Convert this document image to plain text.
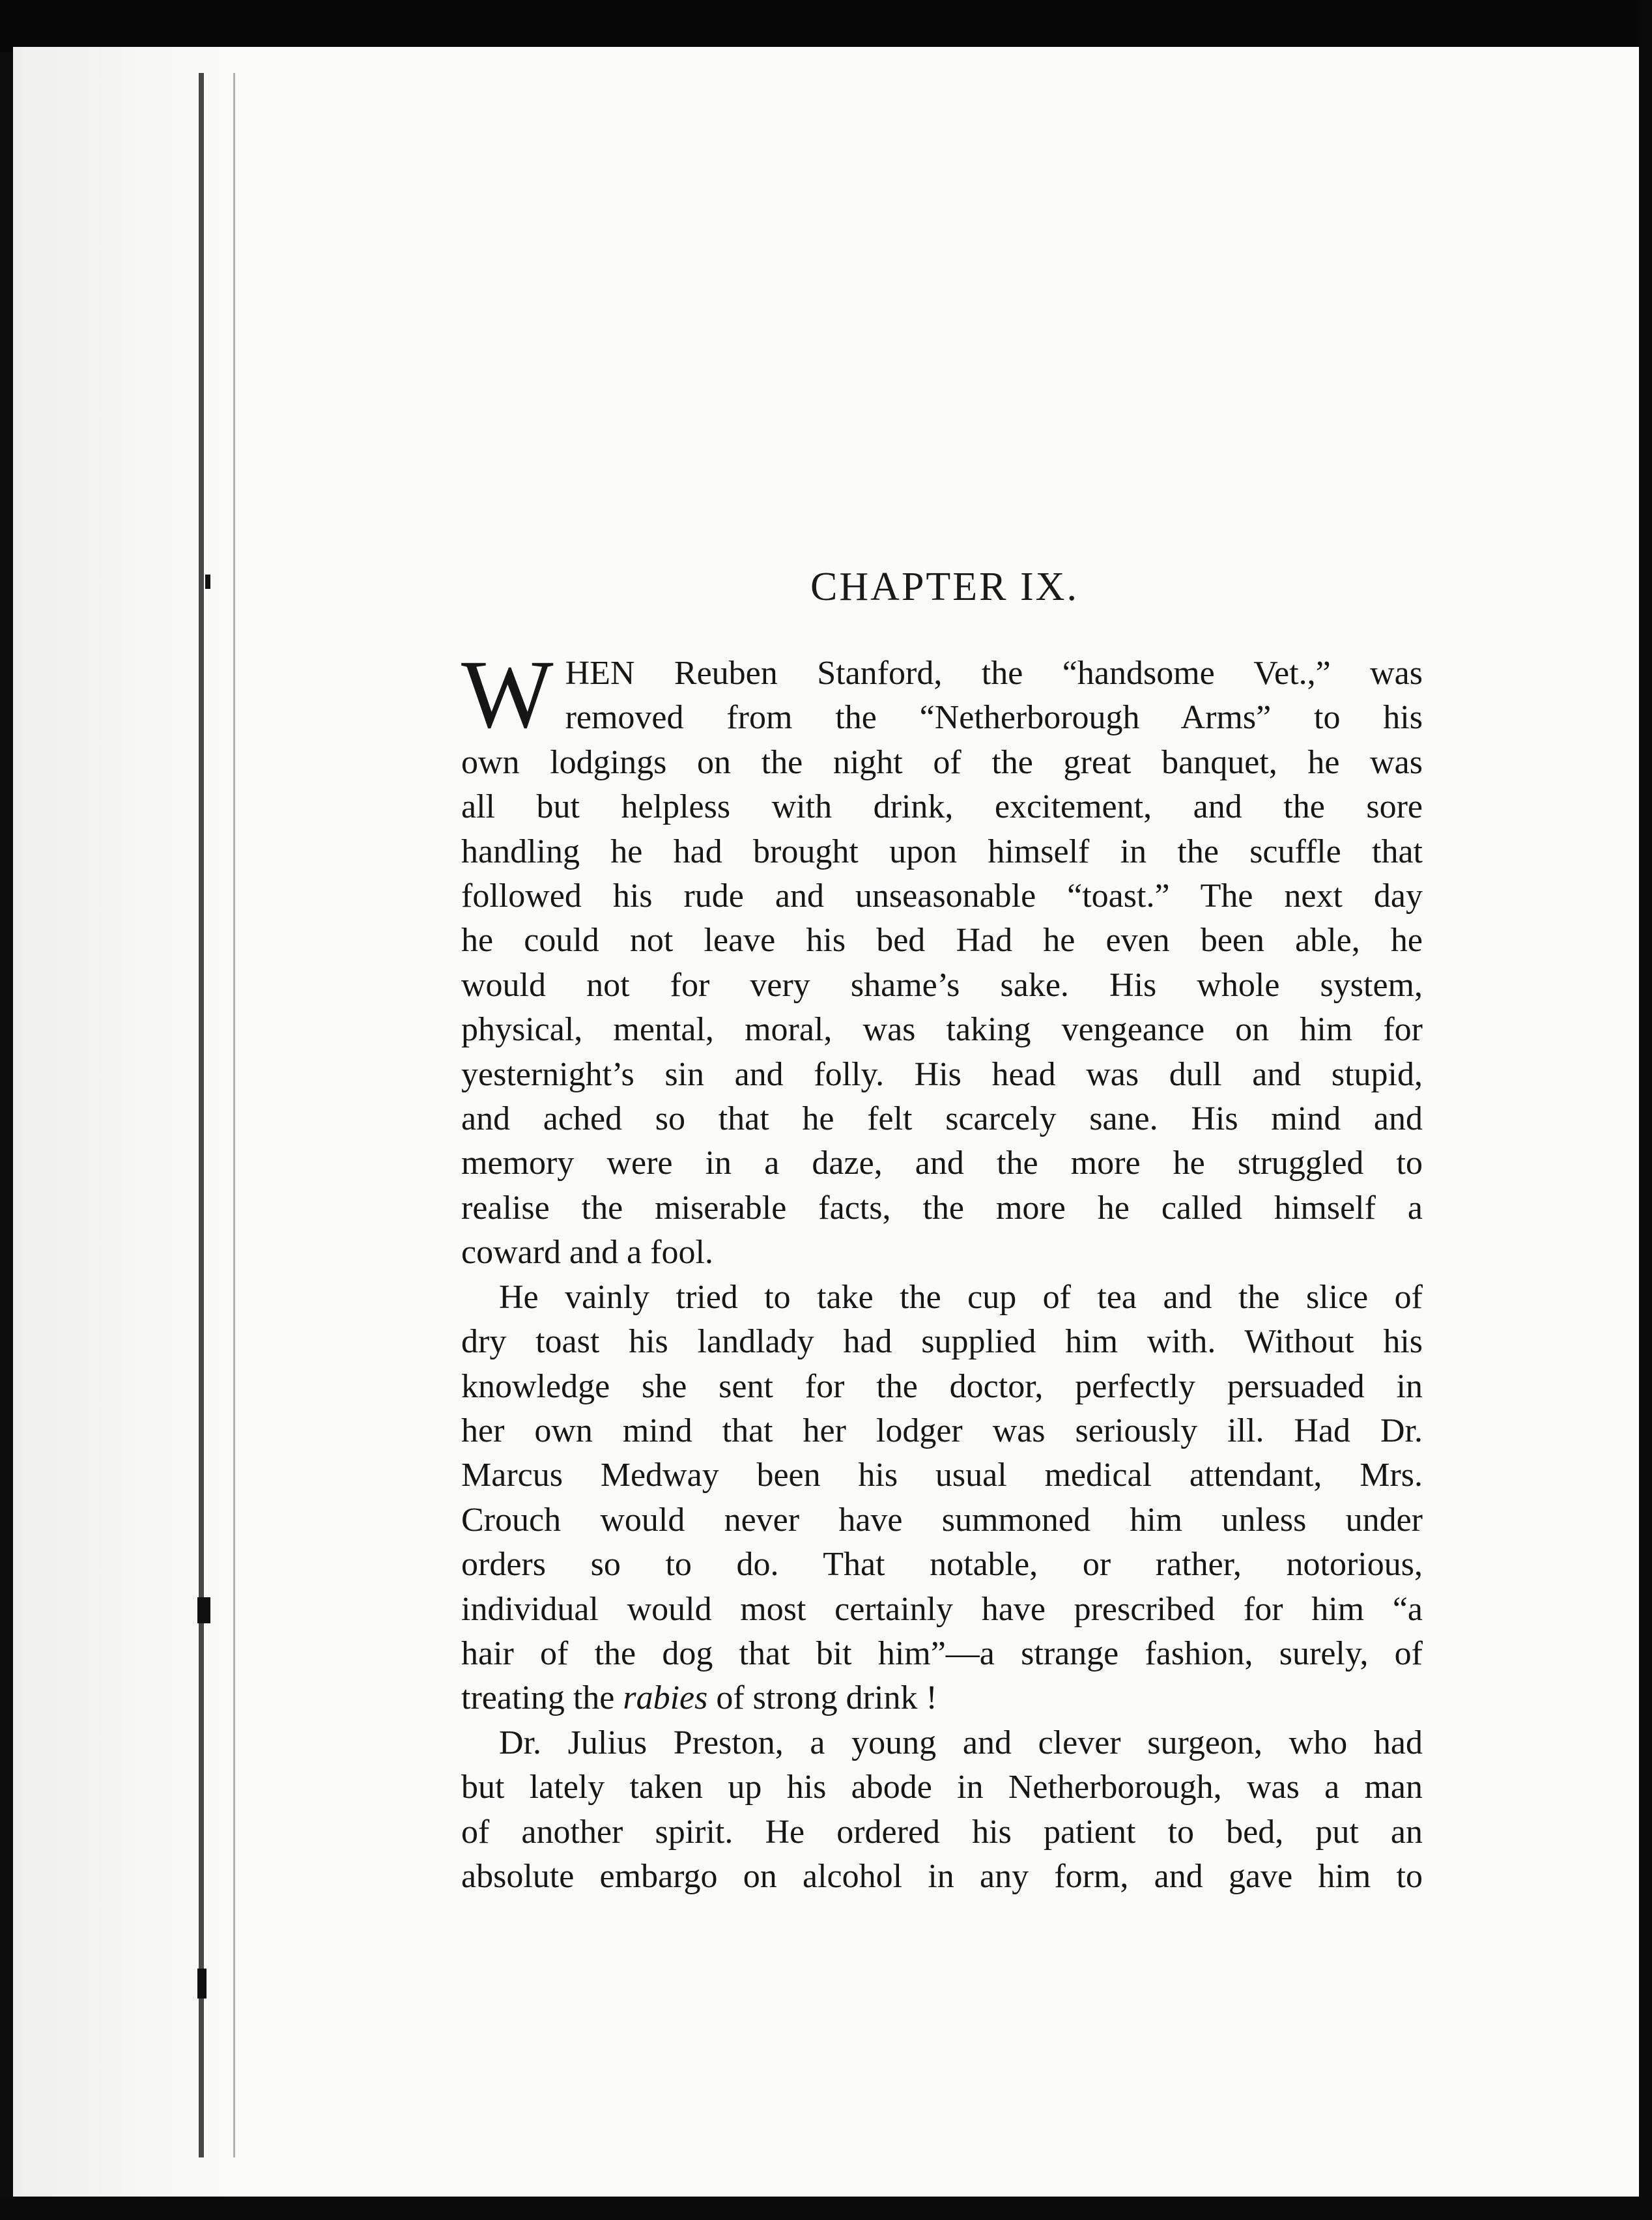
CHAPTER IX.

W HEN Reuben Stanford, the “handsome Vet.,” was
removed from the “Netherborough Arms” to his
own lodgings on the night of the great banquet, he was
all but helpless with drink, excitement, and the sore
handling he had brought upon himself in the scuffle that
followed his rude and unseasonable “toast.” The next day
he could not leave his bed Had he even been able, he
would not for very shame’s sake. His whole system,
physical, mental, moral, was taking vengeance on him for
yesternight’s sin and folly. His head was dull and stupid,
and ached so that he felt scarcely sane. His mind and
memory were in a daze, and the more he struggled to
realise the miserable facts, the more he called himself a
coward and a fool.

He vainly tried to take the cup of tea and the slice of
dry toast his landlady had supplied him with. Without his
knowledge she sent for the doctor, perfectly persuaded in
her own mind that her lodger was seriously ill. Had Dr.
Marcus Medway been his usual medical attendant, Mrs.
Crouch would never have summoned him unless under
orders so to do. That notable, or rather, notorious,
individual would most certainly have prescribed for him “a
hair of the dog that bit him”—a strange fashion, surely, of
treating the rabies of strong drink !

Dr. Julius Preston, a young and clever surgeon, who had
but lately taken up his abode in Netherborough, was a man
of another spirit. He ordered his patient to bed, put an
absolute embargo on alcohol in any form, and gave him to
